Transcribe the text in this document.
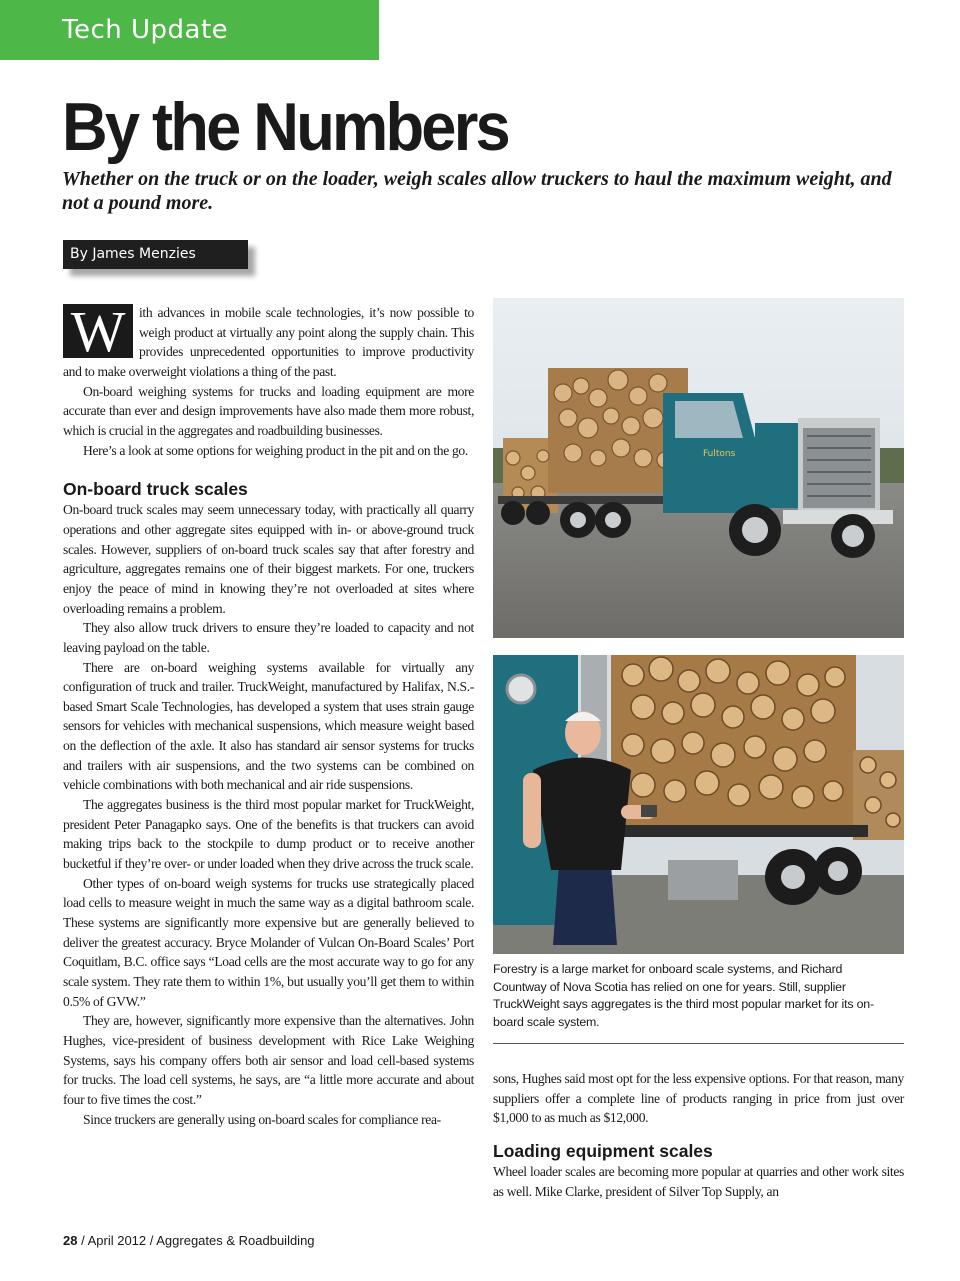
Tech Update
By the Numbers

Whether on the truck or on the loader, weigh scales allow truckers to haul the maximum weight, and not a pound more.

By James Menzies

W	ith advances in mobile scale technologies, it’s now possible to weigh product at virtually any point along the supply chain. This provides unprecedented opportunities to improve productivity and to make overweight violations a thing of the past.

On-board weighing systems for trucks and loading equipment are more accurate than ever and design improvements have also made them more robust, which is crucial in the aggregates and roadbuilding businesses.

Here’s a look at some options for weighing product in the pit and on the go.

On-board truck scales

On-board truck scales may seem unnecessary today, with practically all quarry operations and other aggregate sites equipped with in- or above-ground truck scales. However, suppliers of on-board truck scales say that after forestry and agriculture, aggregates remains one of their biggest markets. For one, truckers enjoy the peace of mind in knowing they’re not overloaded at sites where overloading remains a problem.

They also allow truck drivers to ensure they’re loaded to capacity and not leaving payload on the table.

There are on-board weighing systems available for virtually any configuration of truck and trailer. TruckWeight, manufactured by Halifax, N.S.-based Smart Scale Technologies, has developed a system that uses strain gauge sensors for vehicles with mechanical suspensions, which measure weight based on the deflection of the axle. It also has standard air sensor systems for trucks and trailers with air suspensions, and the two systems can be combined on vehicle combinations with both mechanical and air ride suspensions.

The aggregates business is the third most popular market for TruckWeight, president Peter Panagapko says. One of the benefits is that truckers can avoid making trips back to the stockpile to dump product or to receive another bucketful if they’re over- or under loaded when they drive across the truck scale.

Other types of on-board weigh systems for trucks use strategically placed load cells to measure weight in much the same way as a digital bathroom scale. These systems are significantly more expensive but are generally believed to deliver the greatest accuracy. Bryce Molander of Vulcan On-Board Scales’ Port Coquitlam, B.C. office says “Load cells are the most accurate way to go for any scale system. They rate them to within 1%, but usually you’ll get them to within 0.5% of GVW.”

They are, however, significantly more expensive than the alternatives. John Hughes, vice-president of business development with Rice Lake Weighing Systems, says his company offers both air sensor and load cell-based systems for trucks. The load cell systems, he says, are “a little more accurate and about four to five times the cost.”

Since truckers are generally using on-board scales for compliance rea-

Fultons

Forestry is a large market for onboard scale systems, and Richard Countway of Nova Scotia has relied on one for years. Still, supplier TruckWeight says aggregates is the third most popular market for its on-board scale system.

sons, Hughes said most opt for the less expensive options. For that reason, many suppliers offer a complete line of products ranging in price from just over $1,000 to as much as $12,000.

Loading equipment scales

Wheel loader scales are becoming more popular at quarries and other work sites as well. Mike Clarke, president of Silver Top Supply, an

28 / April 2012 / Aggregates & Roadbuilding
